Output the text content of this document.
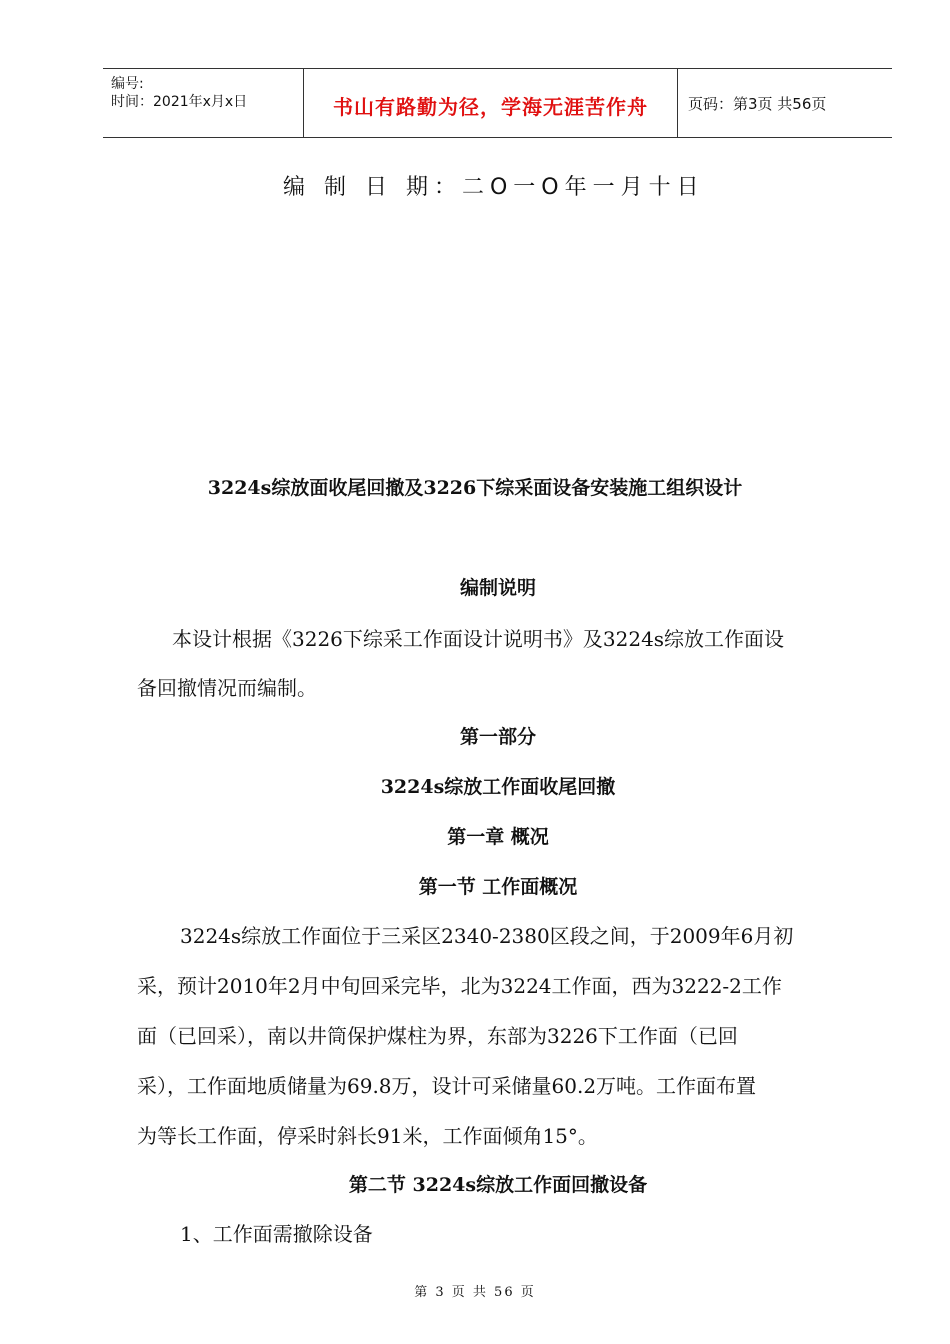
编号:
时间：2021年x月x日	书山有路勤为径，学海无涯苦作舟	页码：第3页 共56页
编 制 日 期：二O一O年一月十日
3224s综放面收尾回撤及3226下综采面设备安装施工组织设计
编制说明
本设计根据《3226下综采工作面设计说明书》及3224s综放工作面设
备回撤情况而编制。
第一部分
3224s综放工作面收尾回撤
第一章 概况
第一节 工作面概况
3224s综放工作面位于三采区2340-2380区段之间，于2009年6月初
采，预计2010年2月中旬回采完毕，北为3224工作面，西为3222-2工作
面（已回采），南以井筒保护煤柱为界，东部为3226下工作面（已回
采），工作面地质储量为69.8万，设计可采储量60.2万吨。工作面布置
为等长工作面，停采时斜长91米，工作面倾角15°。
第二节 3224s综放工作面回撤设备
1、工作面需撤除设备
第 3 页 共 56 页
